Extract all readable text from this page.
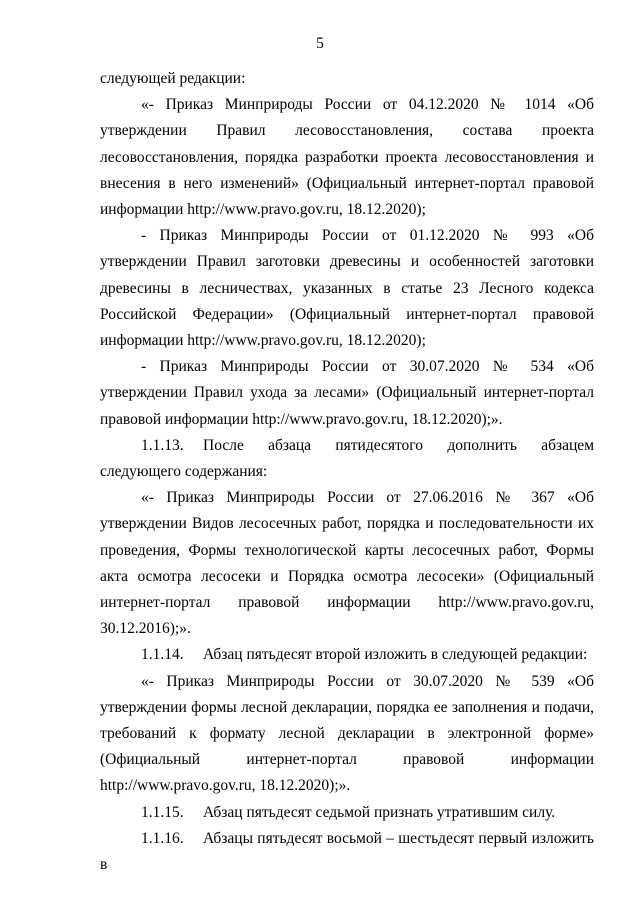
5

следующей редакции:

«- Приказ Минприроды России от 04.12.2020 № 1014 «Об утверждении Правил лесовосстановления, состава проекта лесовосстановления, порядка разработки проекта лесовосстановления и внесения в него изменений» (Официальный интернет-портал правовой информации http://www.pravo.gov.ru, 18.12.2020);

- Приказ Минприроды России от 01.12.2020 № 993 «Об утверждении Правил заготовки древесины и особенностей заготовки древесины в лесничествах, указанных в статье 23 Лесного кодекса Российской Федерации» (Официальный интернет-портал правовой информации http://www.pravo.gov.ru, 18.12.2020);

- Приказ Минприроды России от 30.07.2020 № 534 «Об утверждении Правил ухода за лесами» (Официальный интернет-портал правовой информации http://www.pravo.gov.ru, 18.12.2020);».

1.1.13. После абзаца пятидесятого дополнить абзацем следующего содержания:

«- Приказ Минприроды России от 27.06.2016 № 367 «Об утверждении Видов лесосечных работ, порядка и последовательности их проведения, Формы технологической карты лесосечных работ, Формы акта осмотра лесосеки и Порядка осмотра лесосеки» (Официальный интернет-портал правовой информации http://www.pravo.gov.ru, 30.12.2016);».

1.1.14. Абзац пятьдесят второй изложить в следующей редакции:

«- Приказ Минприроды России от 30.07.2020 № 539 «Об утверждении формы лесной декларации, порядка ее заполнения и подачи, требований к формату лесной декларации в электронной форме» (Официальный интернет-портал правовой информации http://www.pravo.gov.ru, 18.12.2020);».

1.1.15. Абзац пятьдесят седьмой признать утратившим силу.

1.1.16. Абзацы пятьдесят восьмой – шестьдесят первый изложить в
